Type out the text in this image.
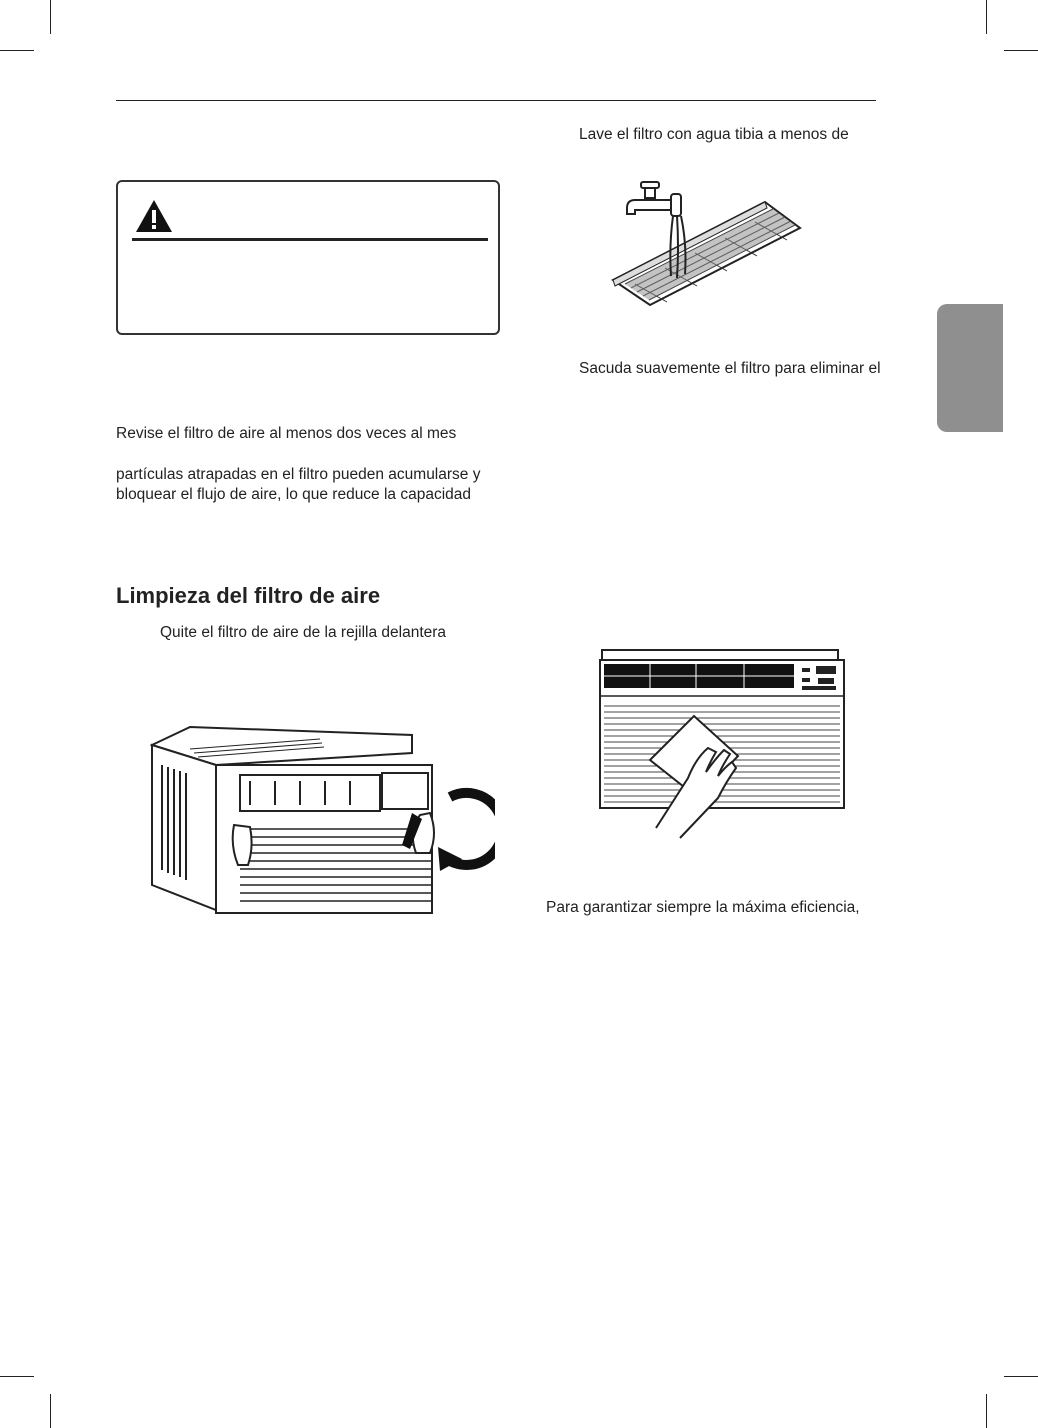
Revise el filtro de aire al menos dos veces al mes
partículas atrapadas en el filtro pueden acumularse y
bloquear el flujo de aire, lo que reduce la capacidad
Limpieza del filtro de aire
Quite el filtro de aire de la rejilla delantera
Lave el filtro con agua tibia a menos de
Sacuda suavemente el filtro para eliminar el
Para garantizar siempre la máxima eficiencia,
